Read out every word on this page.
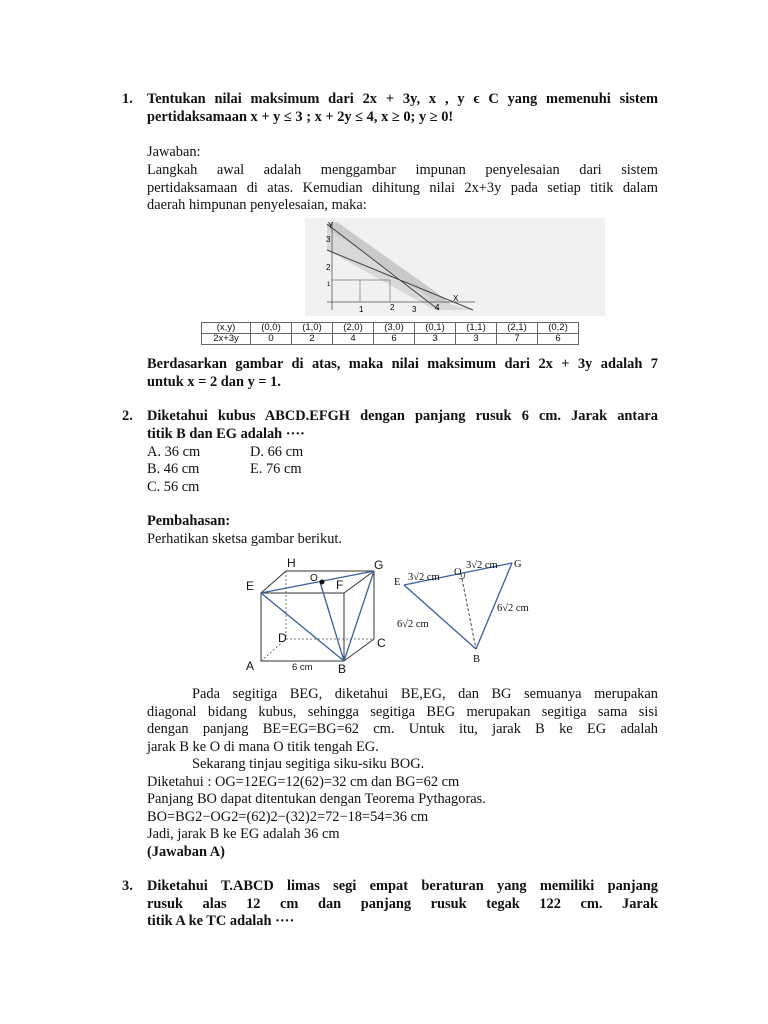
1. Tentukan nilai maksimum dari 2x + 3y, x , y ϵ C yang memenuhi sistem
pertidaksamaan x + y ≤ 3 ; x + 2y ≤ 4, x ≥ 0; y ≥ 0!
Jawaban:
Langkah awal adalah menggambar impunan penyelesaian dari sistem
pertidaksamaan di atas. Kemudian dihitung nilai 2x+3y pada setiap titik dalam
daerah himpunan penyelesaian, maka:
Y
X
3
2
1
1	2 3 4
(x,y)	(0,0)	(1,0)	(2,0)	(3,0)	(0,1)	(1,1)	(2,1)	(0,2)
2x+3y	0	2	4	6	3	3	7	6
Berdasarkan gambar di atas, maka nilai maksimum dari 2x + 3y adalah 7
untuk x = 2 dan y = 1.
2. Diketahui kubus ABCD.EFGH dengan panjang rusuk 6 cm. Jarak antara
titik B dan EG adalah ····
A. 36 cm
B. 46 cm
C. 56 cm
D. 66 cm
E. 76 cm
Pembahasan:
Perhatikan sketsa gambar berikut.
H	G
E	F
D	C
A	B
O
6 cm
E
O
G
B
3√2 cm
3√2 cm
6√2 cm
6√2 cm
Pada segitiga BEG, diketahui BE,EG, dan BG semuanya merupakan
diagonal bidang kubus, sehingga segitiga BEG merupakan segitiga sama sisi
dengan panjang BE=EG=BG=62 cm. Untuk itu, jarak B ke EG adalah
jarak B ke O di mana O titik tengah EG.
Sekarang tinjau segitiga siku-siku BOG.
Diketahui : OG=12EG=12(62)=32 cm dan BG=62 cm
Panjang BO dapat ditentukan dengan Teorema Pythagoras.
BO=BG2−OG2=(62)2−(32)2=72−18=54=36 cm
Jadi, jarak B ke EG adalah 36 cm
(Jawaban A)
3. Diketahui T.ABCD limas segi empat beraturan yang memiliki panjang
rusuk alas 12 cm dan panjang rusuk tegak 122 cm. Jarak
titik A ke TC adalah ····
